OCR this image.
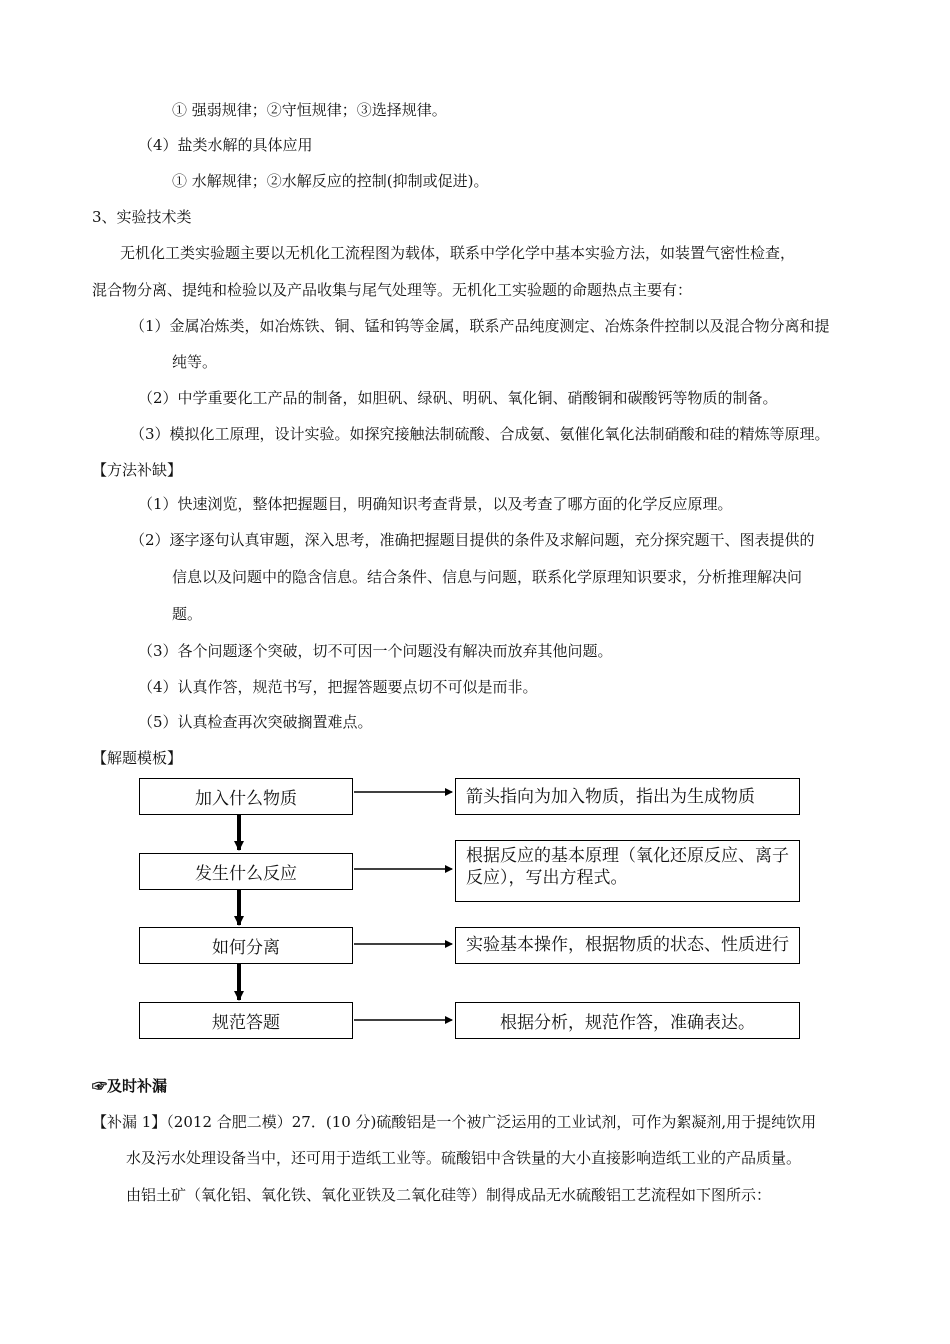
① 强弱规律；②守恒规律；③选择规律。
（4）盐类水解的具体应用
① 水解规律；②水解反应的控制(抑制或促进)。
3、实验技术类
无机化工类实验题主要以无机化工流程图为载体，联系中学化学中基本实验方法，如装置气密性检查，
混合物分离、提纯和检验以及产品收集与尾气处理等。无机化工实验题的命题热点主要有：
（1）金属冶炼类，如冶炼铁、铜、锰和钨等金属，联系产品纯度测定、冶炼条件控制以及混合物分离和提
纯等。
（2）中学重要化工产品的制备，如胆矾、绿矾、明矾、氧化铜、硝酸铜和碳酸钙等物质的制备。
（3）模拟化工原理，设计实验。如探究接触法制硫酸、合成氨、氨催化氧化法制硝酸和硅的精炼等原理。
【方法补缺】
（1）快速浏览，整体把握题目，明确知识考查背景，以及考查了哪方面的化学反应原理。
（2）逐字逐句认真审题，深入思考，准确把握题目提供的条件及求解问题，充分探究题干、图表提供的
信息以及问题中的隐含信息。结合条件、信息与问题，联系化学原理知识要求，分析推理解决问
题。
（3）各个问题逐个突破，切不可因一个问题没有解决而放弃其他问题。
（4）认真作答，规范书写，把握答题要点切不可似是而非。
（5）认真检查再次突破搁置难点。
【解题模板】
加入什么物质
发生什么反应
如何分离
规范答题
箭头指向为加入物质，指出为生成物质
根据反应的基本原理（氧化还原反应、离子反应），写出方程式。
实验基本操作，根据物质的状态、性质进行
根据分析，规范作答，准确表达。
☞及时补漏
【补漏 1】（2012 合肥二模）27．(10 分)硫酸铝是一个被广泛运用的工业试剂，可作为絮凝剂,用于提纯饮用
水及污水处理设备当中，还可用于造纸工业等。硫酸铝中含铁量的大小直接影响造纸工业的产品质量。
由铝土矿（氧化铝、氧化铁、氧化亚铁及二氧化硅等）制得成品无水硫酸铝工艺流程如下图所示：
